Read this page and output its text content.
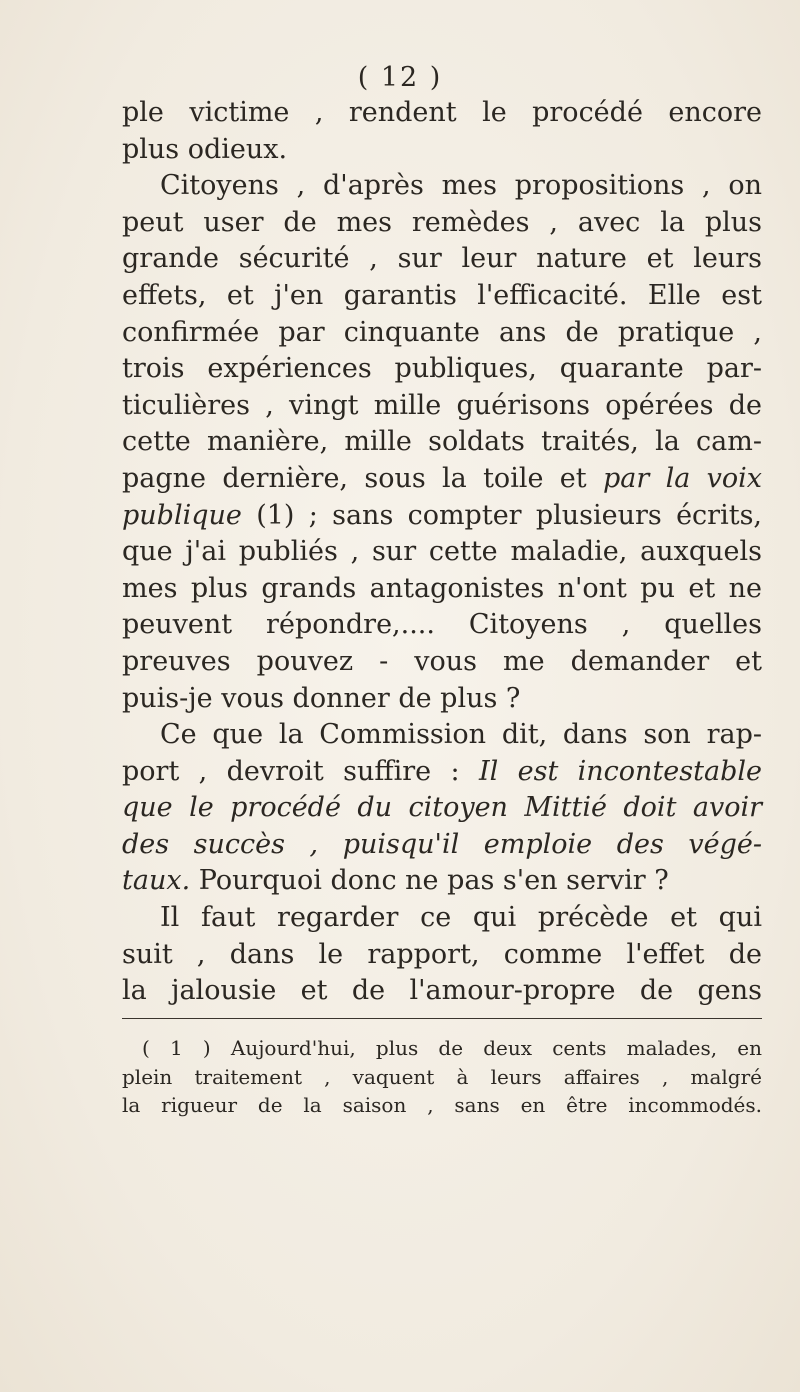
( 12 )
ple victime , rendent le procédé encore
plus odieux.
Citoyens , d'après mes propositions , on
peut user de mes remèdes , avec la plus
grande sécurité , sur leur nature et leurs
effets, et j'en garantis l'efficacité. Elle est
confirmée par cinquante ans de pratique ,
trois expériences publiques, quarante par-
ticulières , vingt mille guérisons opérées de
cette manière, mille soldats traités, la cam-
pagne dernière, sous la toile et par la voix
publique (1) ; sans compter plusieurs écrits,
que j'ai publiés , sur cette maladie, auxquels
mes plus grands antagonistes n'ont pu et ne
peuvent répondre,.... Citoyens , quelles
preuves pouvez - vous me demander et
puis-je vous donner de plus ?
Ce que la Commission dit, dans son rap-
port , devroit suffire : Il est incontestable
que le procédé du citoyen Mittié doit avoir
des succès , puisqu'il emploie des végé-
taux. Pourquoi donc ne pas s'en servir ?
Il faut regarder ce qui précède et qui
suit , dans le rapport, comme l'effet de
la jalousie et de l'amour-propre de gens
( 1 ) Aujourd'hui, plus de deux cents malades, en
plein traitement , vaquent à leurs affaires , malgré
la rigueur de la saison , sans en être incommodés.
